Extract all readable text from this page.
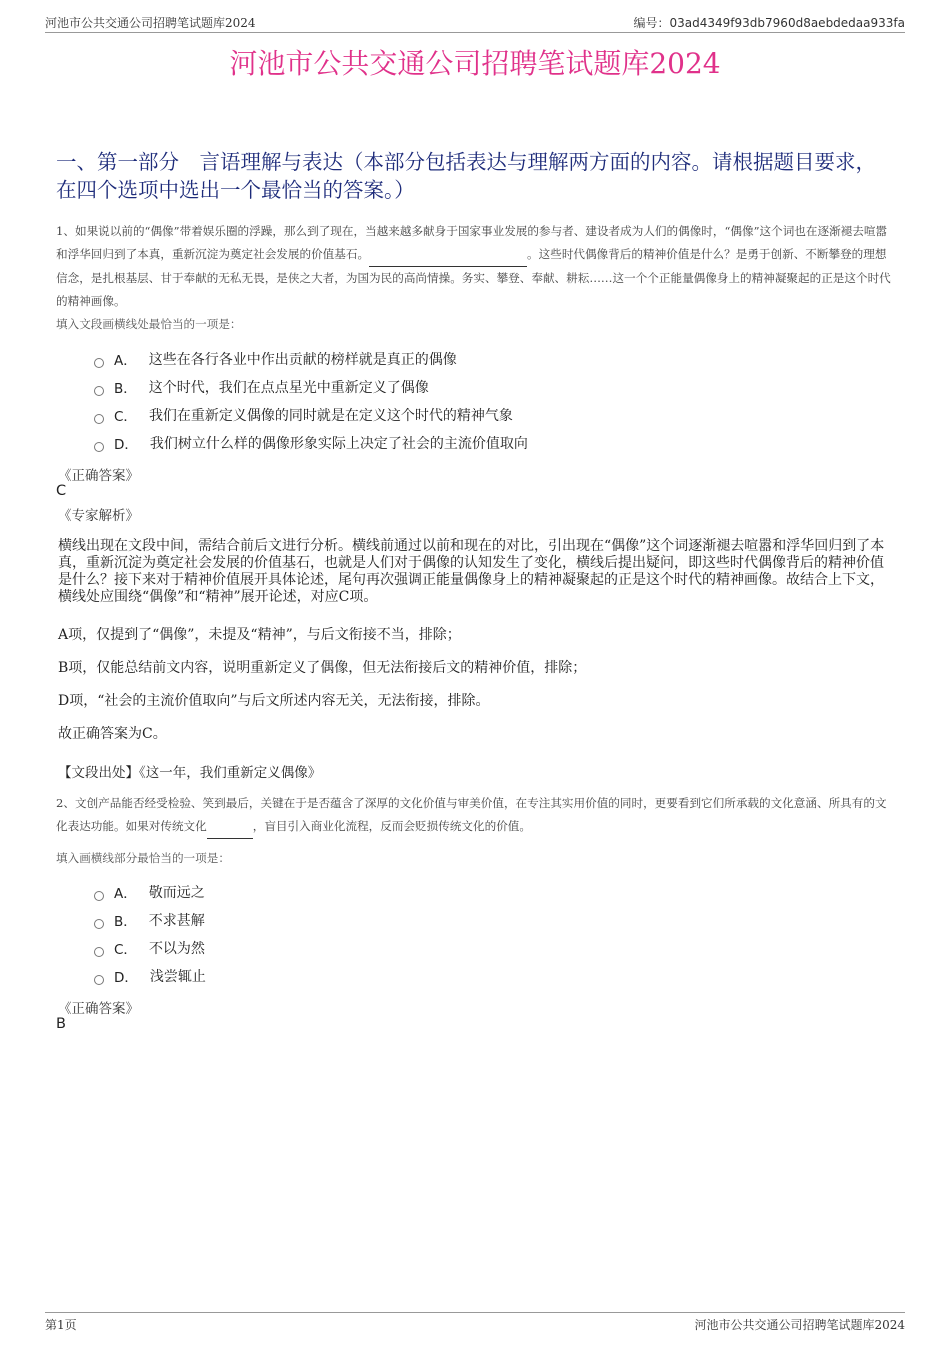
河池市公共交通公司招聘笔试题库2024	编号：03ad4349f93db7960d8aebdedaa933fa
河池市公共交通公司招聘笔试题库2024
一、第一部分　言语理解与表达（本部分包括表达与理解两方面的内容。请根据题目要求，在四个选项中选出一个最恰当的答案。）
1、如果说以前的“偶像”带着娱乐圈的浮躁，那么到了现在，当越来越多献身于国家事业发展的参与者、建设者成为人们的偶像时，“偶像”这个词也在逐渐褪去喧嚣和浮华回归到了本真，重新沉淀为奠定社会发展的价值基石。	。这些时代偶像背后的精神价值是什么？是勇于创新、不断攀登的理想信念，是扎根基层、甘于奉献的无私无畏，是侠之大者，为国为民的高尚情操。务实、攀登、奉献、耕耘……这一个个正能量偶像身上的精神凝聚起的正是这个时代的精神画像。
填入文段画横线处最恰当的一项是：
A． 这些在各行各业中作出贡献的榜样就是真正的偶像
B． 这个时代，我们在点点星光中重新定义了偶像
C． 我们在重新定义偶像的同时就是在定义这个时代的精神气象
D． 我们树立什么样的偶像形象实际上决定了社会的主流价值取向
《正确答案》
C
《专家解析》
横线出现在文段中间，需结合前后文进行分析。横线前通过以前和现在的对比，引出现在“偶像”这个词逐渐褪去喧嚣和浮华回归到了本真，重新沉淀为奠定社会发展的价值基石，也就是人们对于偶像的认知发生了变化，横线后提出疑问，即这些时代偶像背后的精神价值是什么？接下来对于精神价值展开具体论述，尾句再次强调正能量偶像身上的精神凝聚起的正是这个时代的精神画像。故结合上下文，横线处应围绕“偶像”和“精神”展开论述，对应C项。
A项，仅提到了“偶像”，未提及“精神”，与后文衔接不当，排除；
B项，仅能总结前文内容，说明重新定义了偶像，但无法衔接后文的精神价值，排除；
D项，“社会的主流价值取向”与后文所述内容无关，无法衔接，排除。
故正确答案为C。
【文段出处】《这一年，我们重新定义偶像》
2、文创产品能否经受检验、笑到最后，关键在于是否蕴含了深厚的文化价值与审美价值，在专注其实用价值的同时，更要看到它们所承载的文化意涵、所具有的文化表达功能。如果对传统文化	，盲目引入商业化流程，反而会贬损传统文化的价值。
填入画横线部分最恰当的一项是：
A． 敬而远之
B． 不求甚解
C． 不以为然
D． 浅尝辄止
《正确答案》
B
第1页	河池市公共交通公司招聘笔试题库2024
